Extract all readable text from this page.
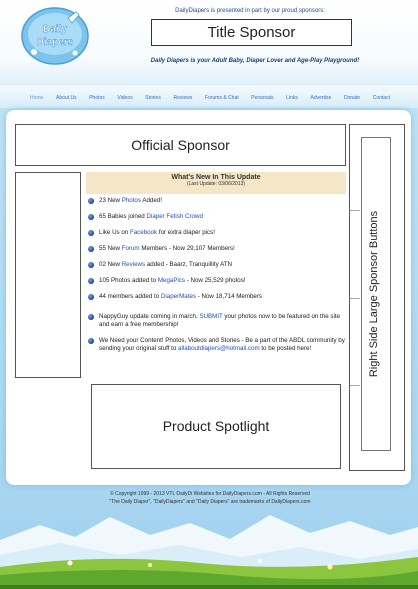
Daily
Diapers
DailyDiapers is presented in part by our proud sponsors:
Title Sponsor
Daily Diapers is your Adult Baby, Diaper Lover and Age-Play Playground!
Home	About Us	Photos	Videos	Stories	Reviews	Forums & Chat	Personals	Links	Advertise	Donate	Contact
Official Sponsor
Right Side Large Sponsor Buttons
What's New In This Update
(Last Update: 03/06/2013)
23 New Photos Added!
65 Babies joined Diaper Fetish Crowd
Like Us on Facebook for extra diaper pics!
55 New Forum Members - Now 29,107 Members!
02 New Reviews added - Baarz, Tranquillity ATN
105 Photos added to MegaPics - Now 25,529 photos!
44 members added to DiaperMates - Now 18,714 Members
NappyGuy update coming in march. SUBMIT your photos now to be featured on the site and earn a free membership!
We Need your Content! Photos, Videos and Stories - Be a part of the ABDL community by sending your original stuff to allaboutdiapers@hotmail.com to be posted here!
Product Spotlight
© Copyright 1999 - 2013 VTL DailyDi Websites for DailyDiapers.com - All Rights Reserved
"The Daily Diaper", "DailyDiapers" and "Daily Diapers" are trademarks of DailyDiapers.com
